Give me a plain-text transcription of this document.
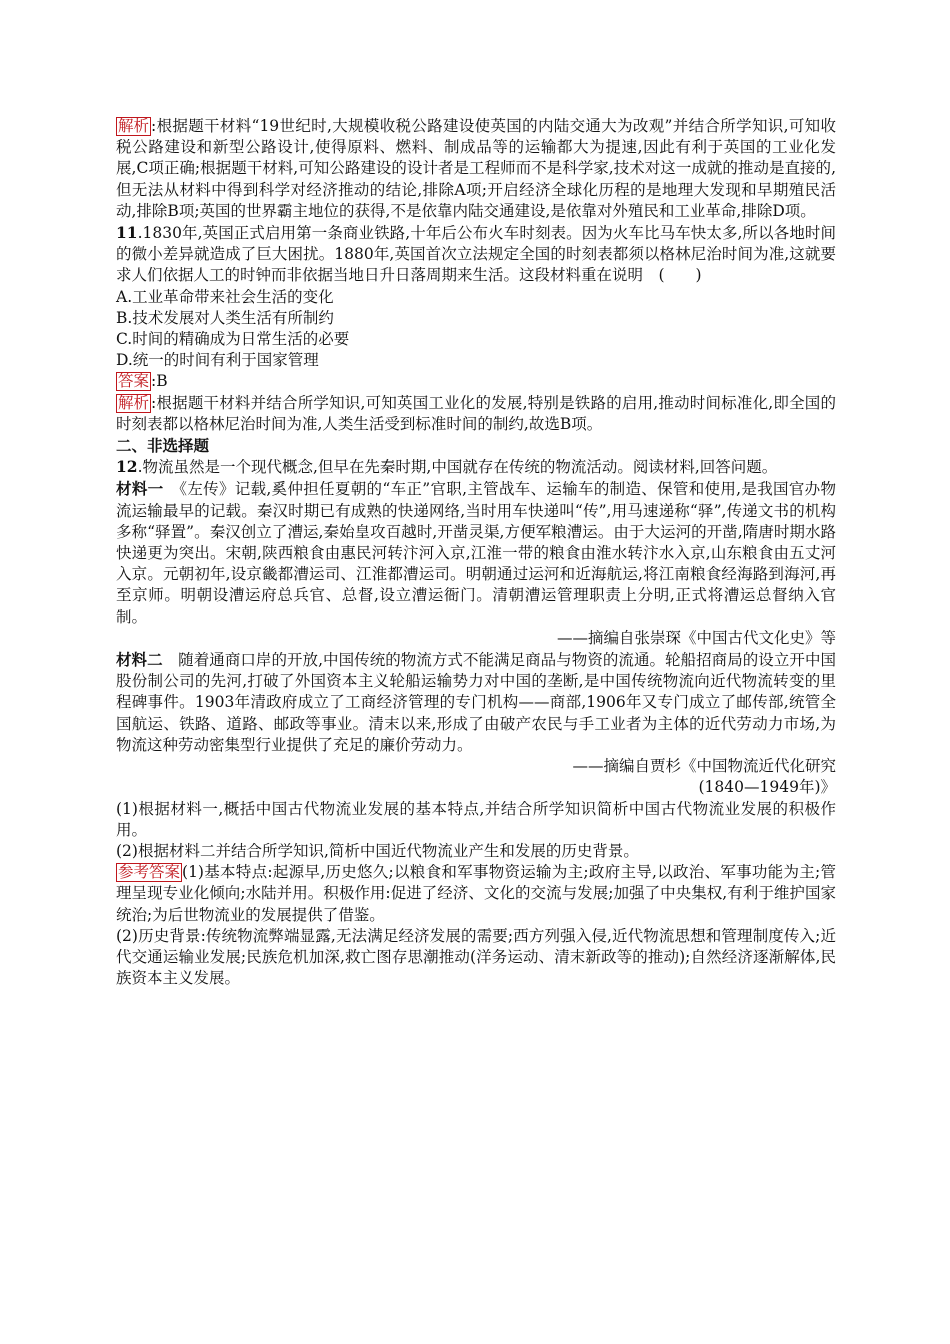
解析 :根据题干材料“19世纪时,大规模收税公路建设使英国的内陆交通大为改观”并结合所学知识,可知收税公路建设和新型公路设计,使得原料、燃料、制成品等的运输都大为提速,因此有利于英国的工业化发展,C项正确;根据题干材料,可知公路建设的设计者是工程师而不是科学家,技术对这一成就的推动是直接的,但无法从材料中得到科学对经济推动的结论,排除A项;开启经济全球化历程的是地理大发现和早期殖民活动,排除B项;英国的世界霸主地位的获得,不是依靠内陆交通建设,是依靠对外殖民和工业革命,排除D项。

11.1830年,英国正式启用第一条商业铁路,十年后公布火车时刻表。因为火车比马车快太多,所以各地时间的微小差异就造成了巨大困扰。1880年,英国首次立法规定全国的时刻表都须以格林尼治时间为准,这就要求人们依据人工的时钟而非依据当地日升日落周期来生活。这段材料重在说明　(　　)

A.工业革命带来社会生活的变化

B.技术发展对人类生活有所制约

C.时间的精确成为日常生活的必要

D.统一的时间有利于国家管理

答案 :B

解析 :根据题干材料并结合所学知识,可知英国工业化的发展,特别是铁路的启用,推动时间标准化,即全国的时刻表都以格林尼治时间为准,人类生活受到标准时间的制约,故选B项。

二、非选择题

12.物流虽然是一个现代概念,但早在先秦时期,中国就存在传统的物流活动。阅读材料,回答问题。

材料一　《左传》记载,奚仲担任夏朝的“车正”官职,主管战车、运输车的制造、保管和使用,是我国官办物流运输最早的记载。秦汉时期已有成熟的快递网络,当时用车快递叫“传”,用马速递称“驿”,传递文书的机构多称“驿置”。秦汉创立了漕运,秦始皇攻百越时,开凿灵渠,方便军粮漕运。由于大运河的开凿,隋唐时期水路快递更为突出。宋朝,陕西粮食由惠民河转汴河入京,江淮一带的粮食由淮水转汴水入京,山东粮食由五丈河入京。元朝初年,设京畿都漕运司、江淮都漕运司。明朝通过运河和近海航运,将江南粮食经海路到海河,再至京师。明朝设漕运府总兵官、总督,设立漕运衙门。清朝漕运管理职责上分明,正式将漕运总督纳入官制。

——摘编自张崇琛《中国古代文化史》等

材料二　随着通商口岸的开放,中国传统的物流方式不能满足商品与物资的流通。轮船招商局的设立开中国股份制公司的先河,打破了外国资本主义轮船运输势力对中国的垄断,是中国传统物流向近代物流转变的里程碑事件。1903年清政府成立了工商经济管理的专门机构——商部,1906年又专门成立了邮传部,统管全国航运、铁路、道路、邮政等事业。清末以来,形成了由破产农民与手工业者为主体的近代劳动力市场,为物流这种劳动密集型行业提供了充足的廉价劳动力。

——摘编自贾杉《中国物流近代化研究

(1840—1949年)》

(1)根据材料一,概括中国古代物流业发展的基本特点,并结合所学知识简析中国古代物流业发展的积极作用。

(2)根据材料二并结合所学知识,简析中国近代物流业产生和发展的历史背景。

参考答案 (1)基本特点:起源早,历史悠久;以粮食和军事物资运输为主;政府主导,以政治、军事功能为主;管理呈现专业化倾向;水陆并用。积极作用:促进了经济、文化的交流与发展;加强了中央集权,有利于维护国家统治;为后世物流业的发展提供了借鉴。

(2)历史背景:传统物流弊端显露,无法满足经济发展的需要;西方列强入侵,近代物流思想和管理制度传入;近代交通运输业发展;民族危机加深,救亡图存思潮推动(洋务运动、清末新政等的推动);自然经济逐渐解体,民族资本主义发展。
